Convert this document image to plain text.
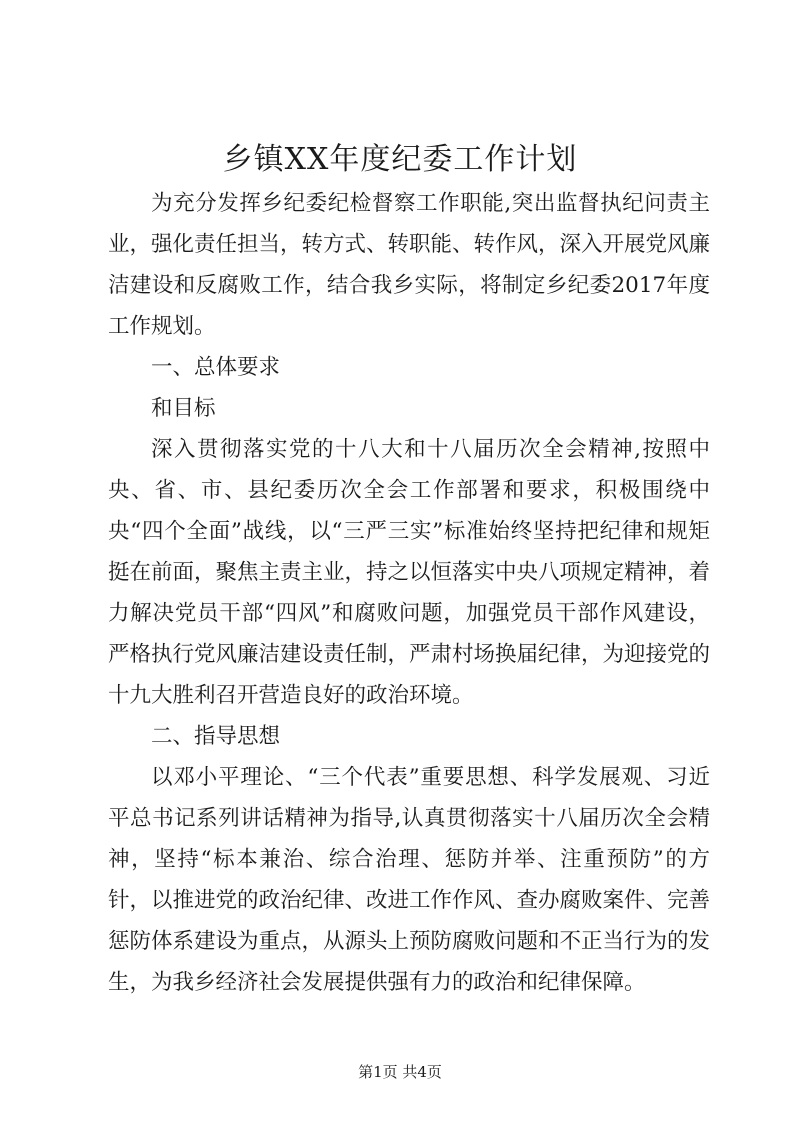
乡镇XX年度纪委工作计划

为充分发挥乡纪委纪检督察工作职能,突出监督执纪问责主业，强化责任担当，转方式、转职能、转作风，深入开展党风廉洁建设和反腐败工作，结合我乡实际，将制定乡纪委2017年度工作规划。

一、总体要求

和目标

深入贯彻落实党的十八大和十八届历次全会精神,按照中央、省、市、县纪委历次全会工作部署和要求，积极围绕中央“四个全面”战线，以“三严三实”标准始终坚持把纪律和规矩挺在前面，聚焦主责主业，持之以恒落实中央八项规定精神，着力解决党员干部“四风”和腐败问题，加强党员干部作风建设，严格执行党风廉洁建设责任制，严肃村场换届纪律，为迎接党的十九大胜利召开营造良好的政治环境。

二、指导思想

以邓小平理论、“三个代表”重要思想、科学发展观、习近平总书记系列讲话精神为指导,认真贯彻落实十八届历次全会精神，坚持“标本兼治、综合治理、惩防并举、注重预防”的方针，以推进党的政治纪律、改进工作作风、查办腐败案件、完善惩防体系建设为重点，从源头上预防腐败问题和不正当行为的发生，为我乡经济社会发展提供强有力的政治和纪律保障。

第1页 共4页
